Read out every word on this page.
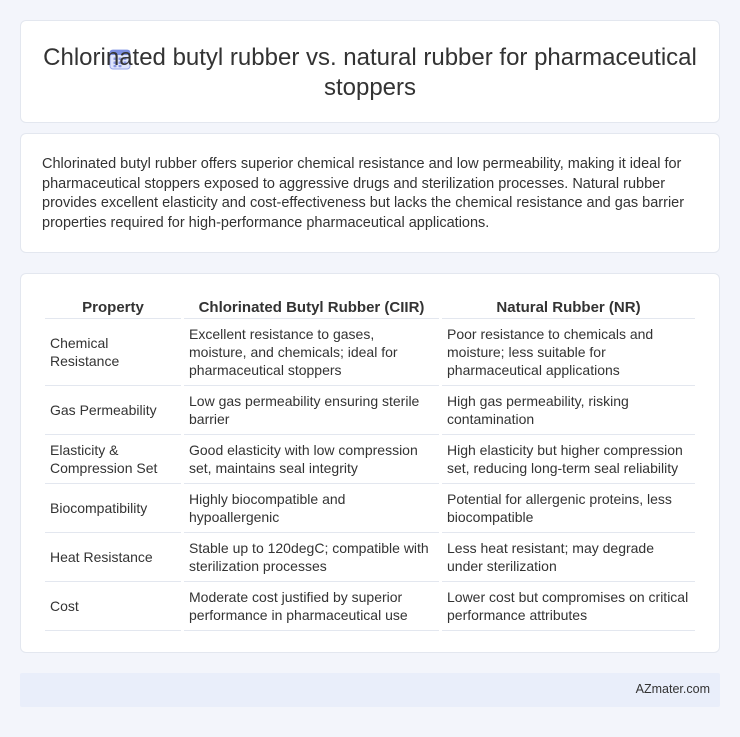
Chlorinated butyl rubber vs. natural rubber for pharmaceutical stoppers

Chlorinated butyl rubber offers superior chemical resistance and low permeability, making it ideal for pharmaceutical stoppers exposed to aggressive drugs and sterilization processes. Natural rubber provides excellent elasticity and cost-effectiveness but lacks the chemical resistance and gas barrier properties required for high-performance pharmaceutical applications.

Property	Chlorinated Butyl Rubber (CIIR)	Natural Rubber (NR)
Chemical Resistance	Excellent resistance to gases, moisture, and chemicals; ideal for pharmaceutical stoppers	Poor resistance to chemicals and moisture; less suitable for pharmaceutical applications
Gas Permeability	Low gas permeability ensuring sterile barrier	High gas permeability, risking contamination
Elasticity & Compression Set	Good elasticity with low compression set, maintains seal integrity	High elasticity but higher compression set, reducing long-term seal reliability
Biocompatibility	Highly biocompatible and hypoallergenic	Potential for allergenic proteins, less biocompatible
Heat Resistance	Stable up to 120degC; compatible with sterilization processes	Less heat resistant; may degrade under sterilization
Cost	Moderate cost justified by superior performance in pharmaceutical use	Lower cost but compromises on critical performance attributes
AZmater.com
